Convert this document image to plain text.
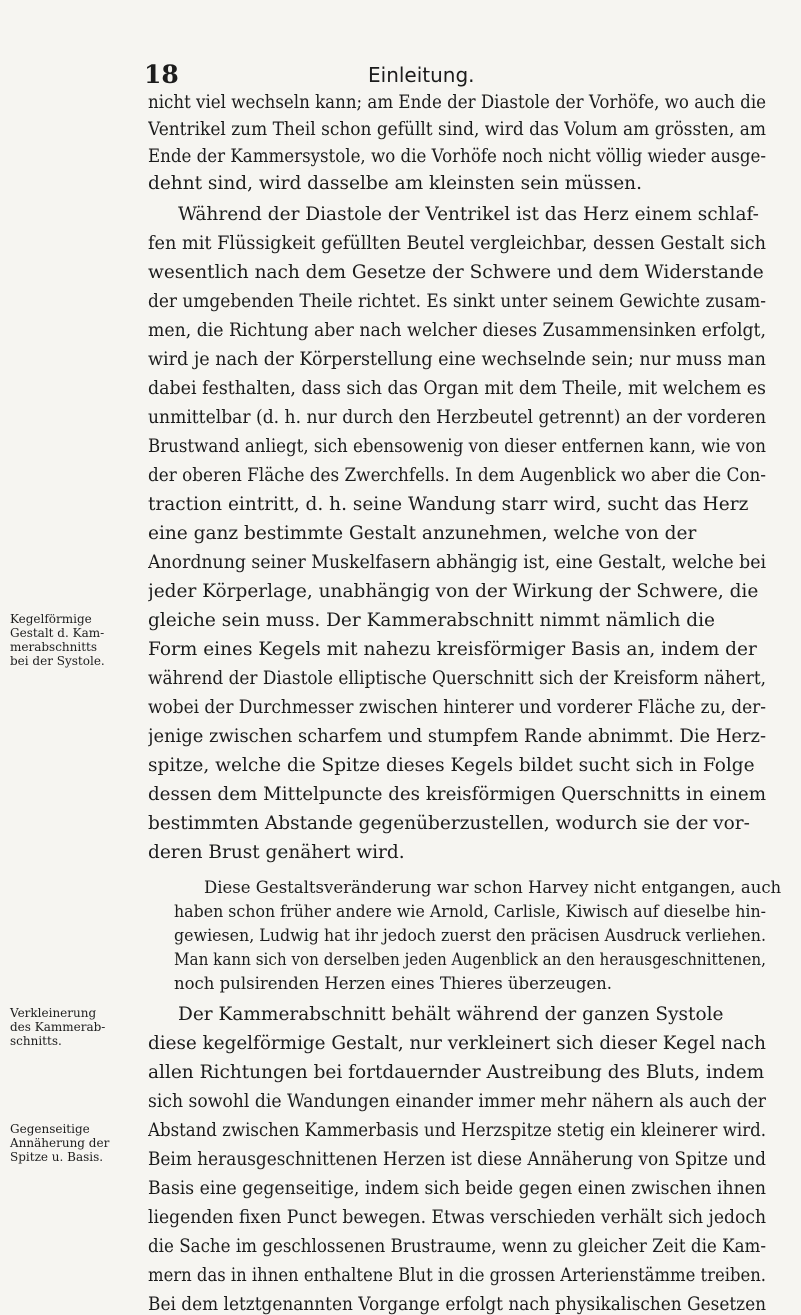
18	Einleitung.
nicht viel wechseln kann; am Ende der Diastole der Vorhöfe, wo auch die
Ventrikel zum Theil schon gefüllt sind, wird das Volum am grössten, am
Ende der Kammersystole, wo die Vorhöfe noch nicht völlig wieder ausge-
dehnt sind, wird dasselbe am kleinsten sein müssen.
Während der Diastole der Ventrikel ist das Herz einem schlaf-
fen mit Flüssigkeit gefüllten Beutel vergleichbar, dessen Gestalt sich
wesentlich nach dem Gesetze der Schwere und dem Widerstande
der umgebenden Theile richtet. Es sinkt unter seinem Gewichte zusam-
men, die Richtung aber nach welcher dieses Zusammensinken erfolgt,
wird je nach der Körperstellung eine wechselnde sein; nur muss man
dabei festhalten, dass sich das Organ mit dem Theile, mit welchem es
unmittelbar (d. h. nur durch den Herzbeutel getrennt) an der vorderen
Brustwand anliegt, sich ebensowenig von dieser entfernen kann, wie von
der oberen Fläche des Zwerchfells. In dem Augenblick wo aber die Con-
traction eintritt, d. h. seine Wandung starr wird, sucht das Herz
eine ganz bestimmte Gestalt anzunehmen, welche von der
Anordnung seiner Muskelfasern abhängig ist, eine Gestalt, welche bei
jeder Körperlage, unabhängig von der Wirkung der Schwere, die
gleiche sein muss. Der Kammerabschnitt nimmt nämlich die
Form eines Kegels mit nahezu kreisförmiger Basis an, indem der
während der Diastole elliptische Querschnitt sich der Kreisform nähert,
wobei der Durchmesser zwischen hinterer und vorderer Fläche zu, der-
jenige zwischen scharfem und stumpfem Rande abnimmt. Die Herz-
spitze, welche die Spitze dieses Kegels bildet sucht sich in Folge
dessen dem Mittelpuncte des kreisförmigen Querschnitts in einem
bestimmten Abstande gegenüberzustellen, wodurch sie der vor-
deren Brust genähert wird.
Diese Gestaltsveränderung war schon Harvey nicht entgangen, auch
haben schon früher andere wie Arnold, Carlisle, Kiwisch auf dieselbe hin-
gewiesen, Ludwig hat ihr jedoch zuerst den präcisen Ausdruck verliehen.
Man kann sich von derselben jeden Augenblick an den herausgeschnittenen,
noch pulsirenden Herzen eines Thieres überzeugen.
Der Kammerabschnitt behält während der ganzen Systole
diese kegelförmige Gestalt, nur verkleinert sich dieser Kegel nach
allen Richtungen bei fortdauernder Austreibung des Bluts, indem
sich sowohl die Wandungen einander immer mehr nähern als auch der
Abstand zwischen Kammerbasis und Herzspitze stetig ein kleinerer wird.
Beim herausgeschnittenen Herzen ist diese Annäherung von Spitze und
Basis eine gegenseitige, indem sich beide gegen einen zwischen ihnen
liegenden fixen Punct bewegen. Etwas verschieden verhält sich jedoch
die Sache im geschlossenen Brustraume, wenn zu gleicher Zeit die Kam-
mern das in ihnen enthaltene Blut in die grossen Arterienstämme treiben.
Bei dem letztgenannten Vorgange erfolgt nach physikalischen Gesetzen
Kegelförmige
Gestalt d. Kam-
merabschnitts
bei der Systole.
Verkleinerung
des Kammerab-
schnitts.
Gegenseitige
Annäherung der
Spitze u. Basis.
